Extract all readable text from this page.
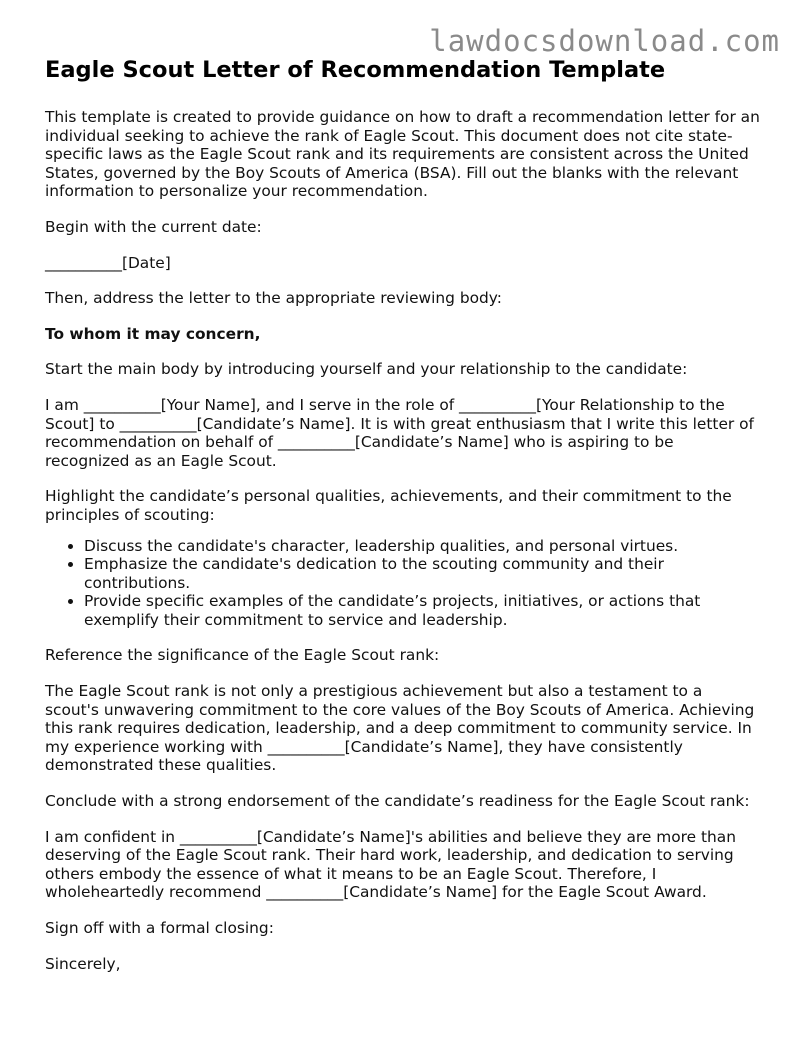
lawdocsdownload.com
Eagle Scout Letter of Recommendation Template

This template is created to provide guidance on how to draft a recommendation letter for an individual seeking to achieve the rank of Eagle Scout. This document does not cite state-specific laws as the Eagle Scout rank and its requirements are consistent across the United States, governed by the Boy Scouts of America (BSA). Fill out the blanks with the relevant information to personalize your recommendation.

Begin with the current date:

__________[Date]

Then, address the letter to the appropriate reviewing body:

To whom it may concern,

Start the main body by introducing yourself and your relationship to the candidate:

I am __________[Your Name], and I serve in the role of __________[Your Relationship to the Scout] to __________[Candidate’s Name]. It is with great enthusiasm that I write this letter of recommendation on behalf of __________[Candidate’s Name] who is aspiring to be recognized as an Eagle Scout.

Highlight the candidate’s personal qualities, achievements, and their commitment to the principles of scouting:

• Discuss the candidate's character, leadership qualities, and personal virtues.
• Emphasize the candidate's dedication to the scouting community and their contributions.
• Provide specific examples of the candidate’s projects, initiatives, or actions that exemplify their commitment to service and leadership.

Reference the significance of the Eagle Scout rank:

The Eagle Scout rank is not only a prestigious achievement but also a testament to a scout's unwavering commitment to the core values of the Boy Scouts of America. Achieving this rank requires dedication, leadership, and a deep commitment to community service. In my experience working with __________[Candidate’s Name], they have consistently demonstrated these qualities.

Conclude with a strong endorsement of the candidate’s readiness for the Eagle Scout rank:

I am confident in __________[Candidate’s Name]'s abilities and believe they are more than deserving of the Eagle Scout rank. Their hard work, leadership, and dedication to serving others embody the essence of what it means to be an Eagle Scout. Therefore, I wholeheartedly recommend __________[Candidate’s Name] for the Eagle Scout Award.

Sign off with a formal closing:

Sincerely,
